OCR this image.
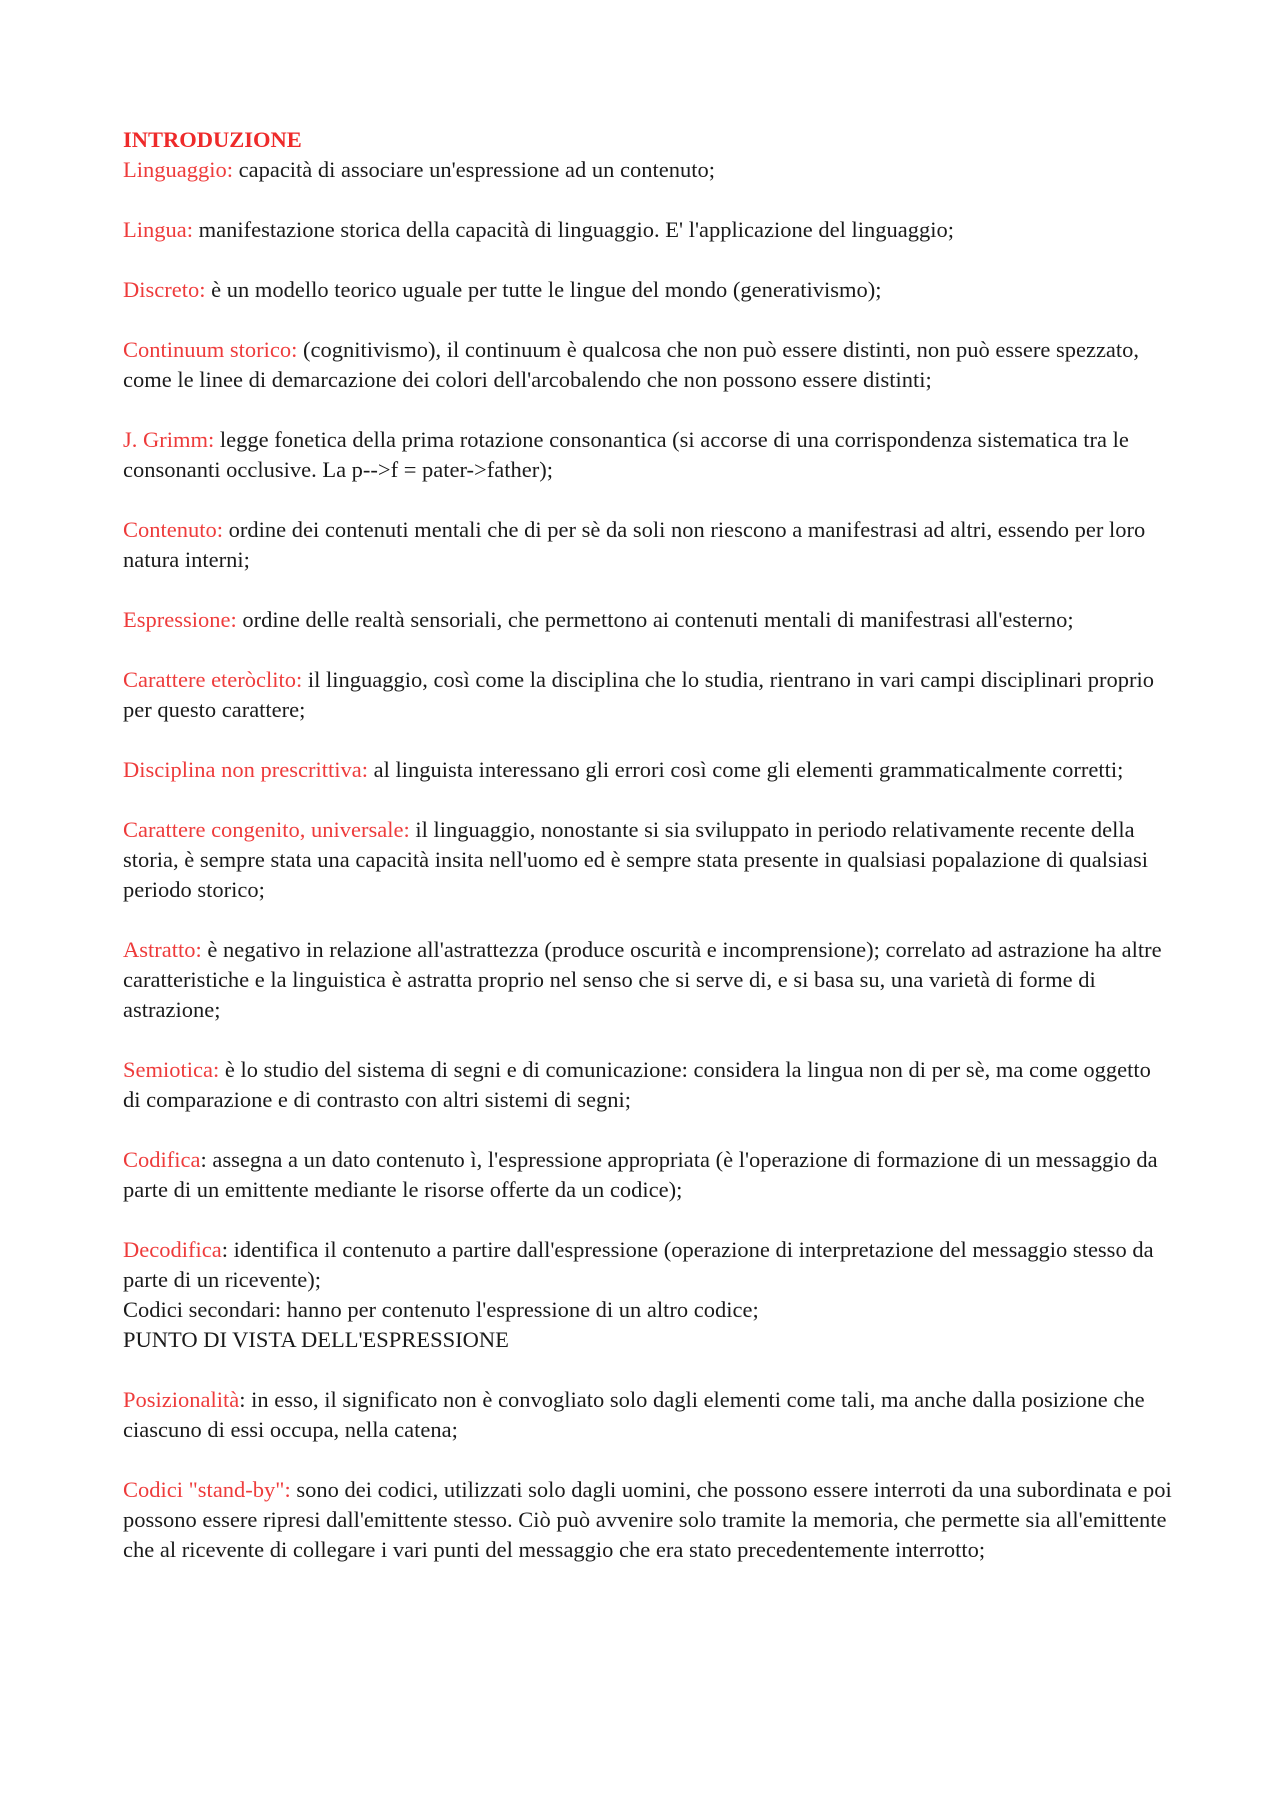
INTRODUZIONE

Linguaggio: capacità di associare un'espressione ad un contenuto;

Lingua: manifestazione storica della capacità di linguaggio. E' l'applicazione del linguaggio;

Discreto: è un modello teorico uguale per tutte le lingue del mondo (generativismo);

Continuum storico: (cognitivismo), il continuum è qualcosa che non può essere distinti, non può essere spezzato, come le linee di demarcazione dei colori dell'arcobalendo che non possono essere distinti;

J. Grimm: legge fonetica della prima rotazione consonantica (si accorse di una corrispondenza sistematica tra le consonanti occlusive. La p-->f = pater->father);

Contenuto: ordine dei contenuti mentali che di per sè da soli non riescono a manifestrasi ad altri, essendo per loro natura interni;

Espressione: ordine delle realtà sensoriali, che permettono ai contenuti mentali di manifestrasi all'esterno;

Carattere eteròclito: il linguaggio, così come la disciplina che lo studia, rientrano in vari campi disciplinari proprio per questo carattere;

Disciplina non prescrittiva: al linguista interessano gli errori così come gli elementi grammaticalmente corretti;

Carattere congenito, universale: il linguaggio, nonostante si sia sviluppato in periodo relativamente recente della storia, è sempre stata una capacità insita nell'uomo ed è sempre stata presente in qualsiasi popalazione di qualsiasi periodo storico;

Astratto: è negativo in relazione all'astrattezza (produce oscurità e incomprensione); correlato ad astrazione ha altre caratteristiche e la linguistica è astratta proprio nel senso che si serve di, e si basa su, una varietà di forme di astrazione;

Semiotica: è lo studio del sistema di segni e di comunicazione: considera la lingua non di per sè, ma come oggetto di comparazione e di contrasto con altri sistemi di segni;

Codifica: assegna a un dato contenuto ì, l'espressione appropriata (è l'operazione di formazione di un messaggio da parte di un emittente mediante le risorse offerte da un codice);

Decodifica: identifica il contenuto a partire dall'espressione (operazione di interpretazione del messaggio stesso da parte di un ricevente);

Codici secondari: hanno per contenuto l'espressione di un altro codice;

PUNTO DI VISTA DELL'ESPRESSIONE

Posizionalità: in esso, il significato non è convogliato solo dagli elementi come tali, ma anche dalla posizione che ciascuno di essi occupa, nella catena;

Codici "stand-by": sono dei codici, utilizzati solo dagli uomini, che possono essere interroti da una subordinata e poi possono essere ripresi dall'emittente stesso. Ciò può avvenire solo tramite la memoria, che permette sia all'emittente che al ricevente di collegare i vari punti del messaggio che era stato precedentemente interrotto;
